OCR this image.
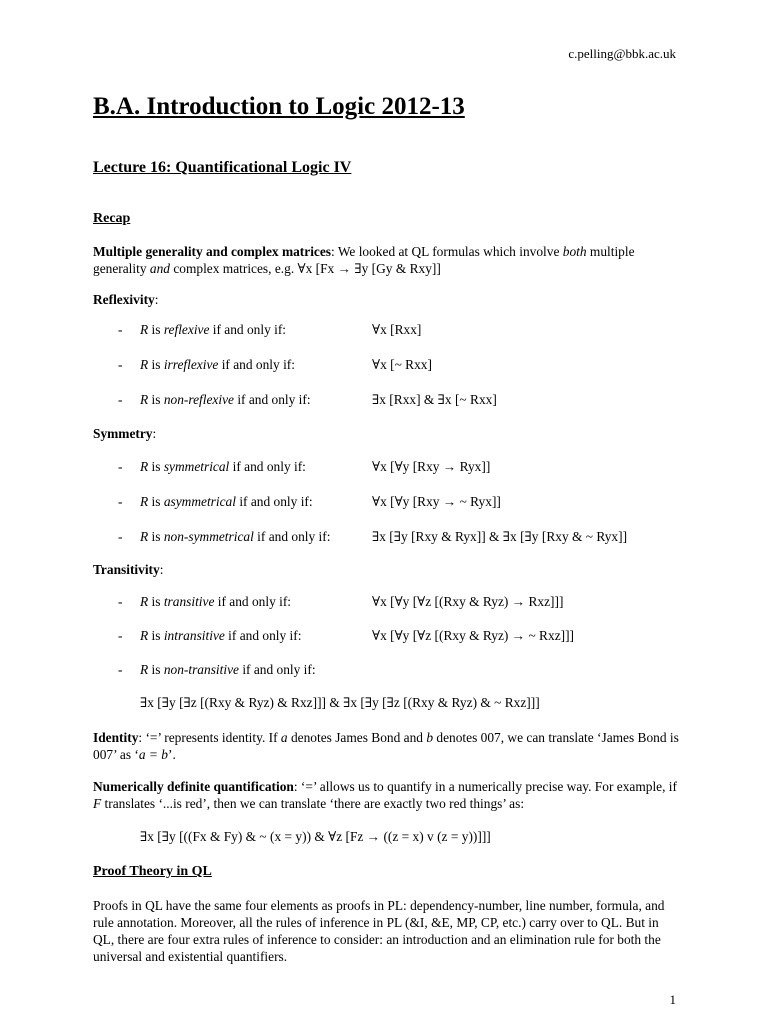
c.pelling@bbk.ac.uk
B.A. Introduction to Logic 2012-13
Lecture 16: Quantificational Logic IV
Recap
Multiple generality and complex matrices: We looked at QL formulas which involve both multiple generality and complex matrices, e.g. ∀x [Fx → ∃y [Gy & Rxy]]
Reflexivity:
- R is reflexive if and only if:	∀x [Rxx]
- R is irreflexive if and only if:	∀x [~ Rxx]
- R is non-reflexive if and only if:	∃x [Rxx] & ∃x [~ Rxx]
Symmetry:
- R is symmetrical if and only if:	∀x [∀y [Rxy → Ryx]]
- R is asymmetrical if and only if:	∀x [∀y [Rxy → ~ Ryx]]
- R is non-symmetrical if and only if:	∃x [∃y [Rxy & Ryx]] & ∃x [∃y [Rxy & ~ Ryx]]
Transitivity:
- R is transitive if and only if:	∀x [∀y [∀z [(Rxy & Ryz) → Rxz]]]
- R is intransitive if and only if:	∀x [∀y [∀z [(Rxy & Ryz) → ~ Rxz]]]
- R is non-transitive if and only if:
∃x [∃y [∃z [(Rxy & Ryz) & Rxz]]] & ∃x [∃y [∃z [(Rxy & Ryz) & ~ Rxz]]]
Identity: ‘=’ represents identity. If a denotes James Bond and b denotes 007, we can translate ‘James Bond is 007’ as ‘a = b’.
Numerically definite quantification: ‘=’ allows us to quantify in a numerically precise way. For example, if F translates ‘...is red’, then we can translate ‘there are exactly two red things’ as:
∃x [∃y [((Fx & Fy) & ~ (x = y)) & ∀z [Fz → ((z = x) v (z = y))]]]
Proof Theory in QL
Proofs in QL have the same four elements as proofs in PL: dependency-number, line number, formula, and rule annotation. Moreover, all the rules of inference in PL (&I, &E, MP, CP, etc.) carry over to QL. But in QL, there are four extra rules of inference to consider: an introduction and an elimination rule for both the universal and existential quantifiers.
1
